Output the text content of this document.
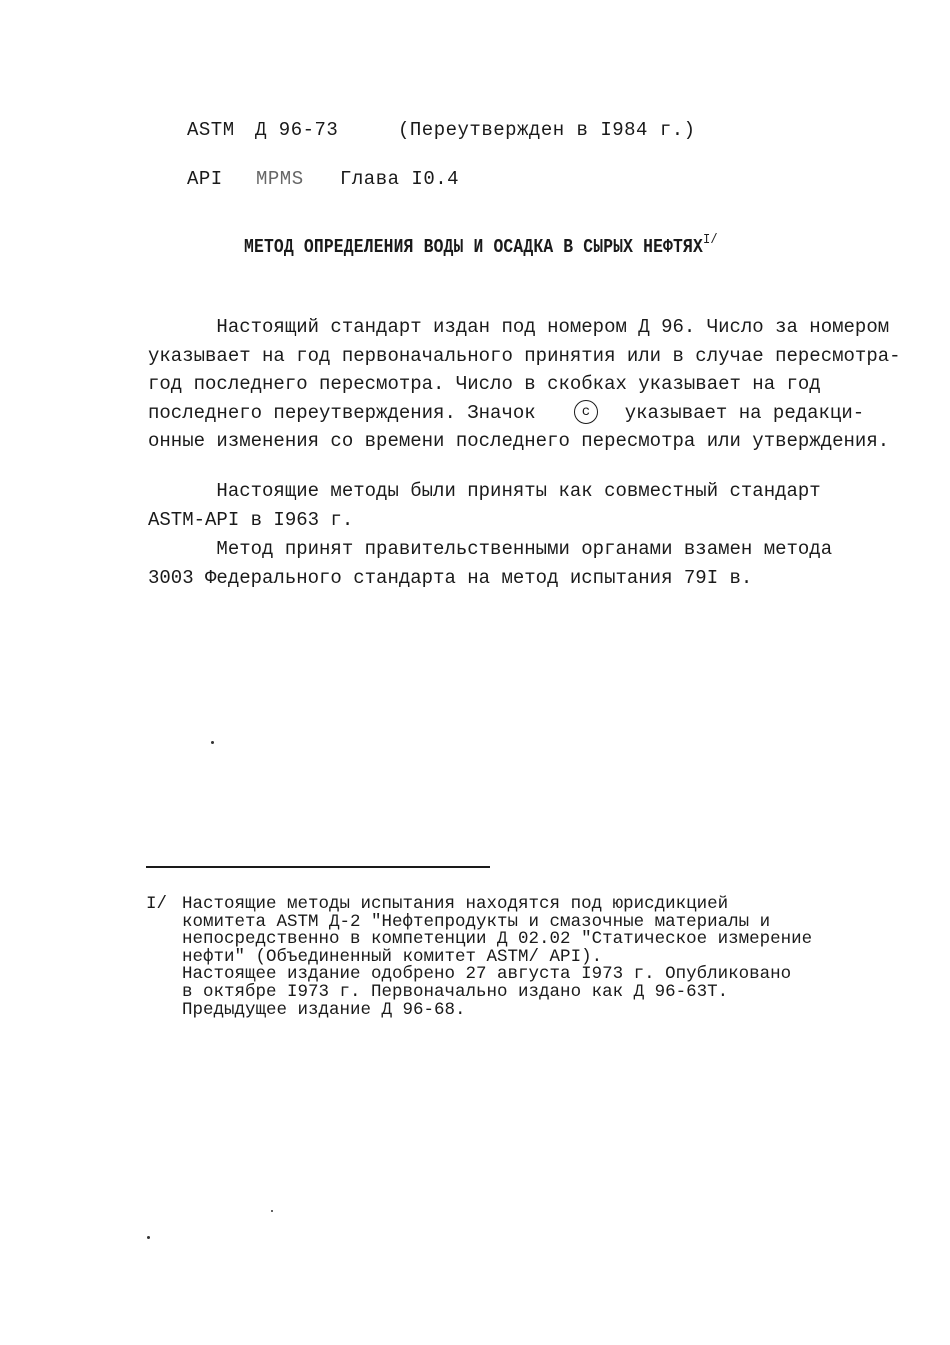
ASTM Д 96-73	(Переутвержден в I984 г.)
API MPMS Глава I0.4
МЕТОД ОПРЕДЕЛЕНИЯ ВОДЫ И ОСАДКА В СЫРЫХ $НЕФТЯХ^{I/}$
Настоящий стандарт издан под номером Д 96. Число за номером
указывает на год первоначального принятия или в случае пересмотра-
год последнего пересмотра. Число в скобках указывает на год
последнего переутверждения. Значок	c  указывает на редакци-
онные изменения со времени последнего пересмотра или утверждения.
Настоящие методы были приняты как совместный стандарт
ASTM-API в I963 г.
Метод принят правительственными органами взамен метода
3003 Федерального стандарта на метод испытания 79I в.
I/ Настоящие методы испытания находятся под юрисдикцией
комитета ASTM Д-2 "Нефтепродукты и смазочные материалы и
непосредственно в компетенции Д 02.02 "Статическое измерение
нефти" (Объединенный комитет ASTM/ API).
Настоящее издание одобрено 27 августа I973 г. Опубликовано
в октябре I973 г. Первоначально издано как Д 96-63Т.
Предыдущее издание Д 96-68.
